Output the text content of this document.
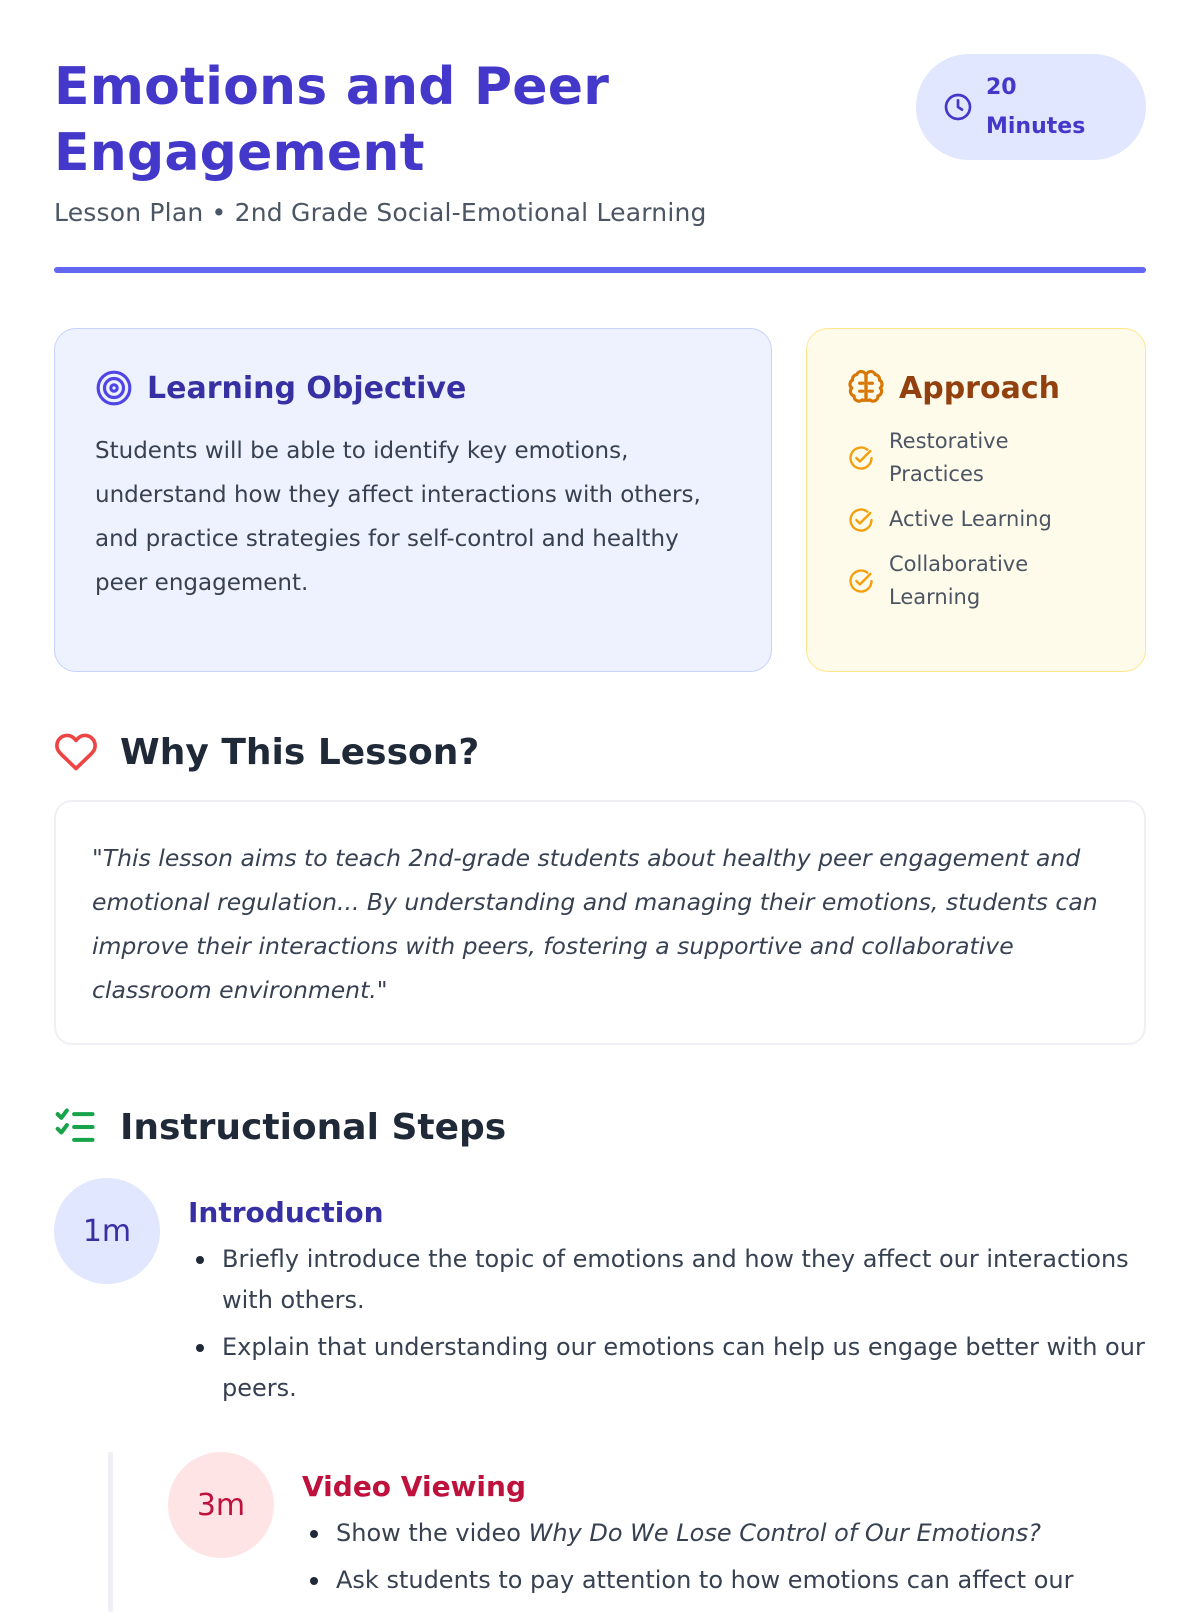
Emotions and Peer Engagement
Lesson Plan • 2nd Grade Social-Emotional Learning
20 Minutes
Learning Objective

Students will be able to identify key emotions, understand how they affect interactions with others, and practice strategies for self-control and healthy peer engagement.

Approach
Restorative Practices
Active Learning
Collaborative Learning
Why This Lesson?

"This lesson aims to teach 2nd-grade students about healthy peer engagement and emotional regulation... By understanding and managing their emotions, students can improve their interactions with peers, fostering a supportive and collaborative classroom environment."

Instructional Steps
1m
Introduction
Briefly introduce the topic of emotions and how they affect our interactions with others.
Explain that understanding our emotions can help us engage better with our peers.
3m
Video Viewing
Show the video Why Do We Lose Control of Our Emotions?
Ask students to pay attention to how emotions can affect our
